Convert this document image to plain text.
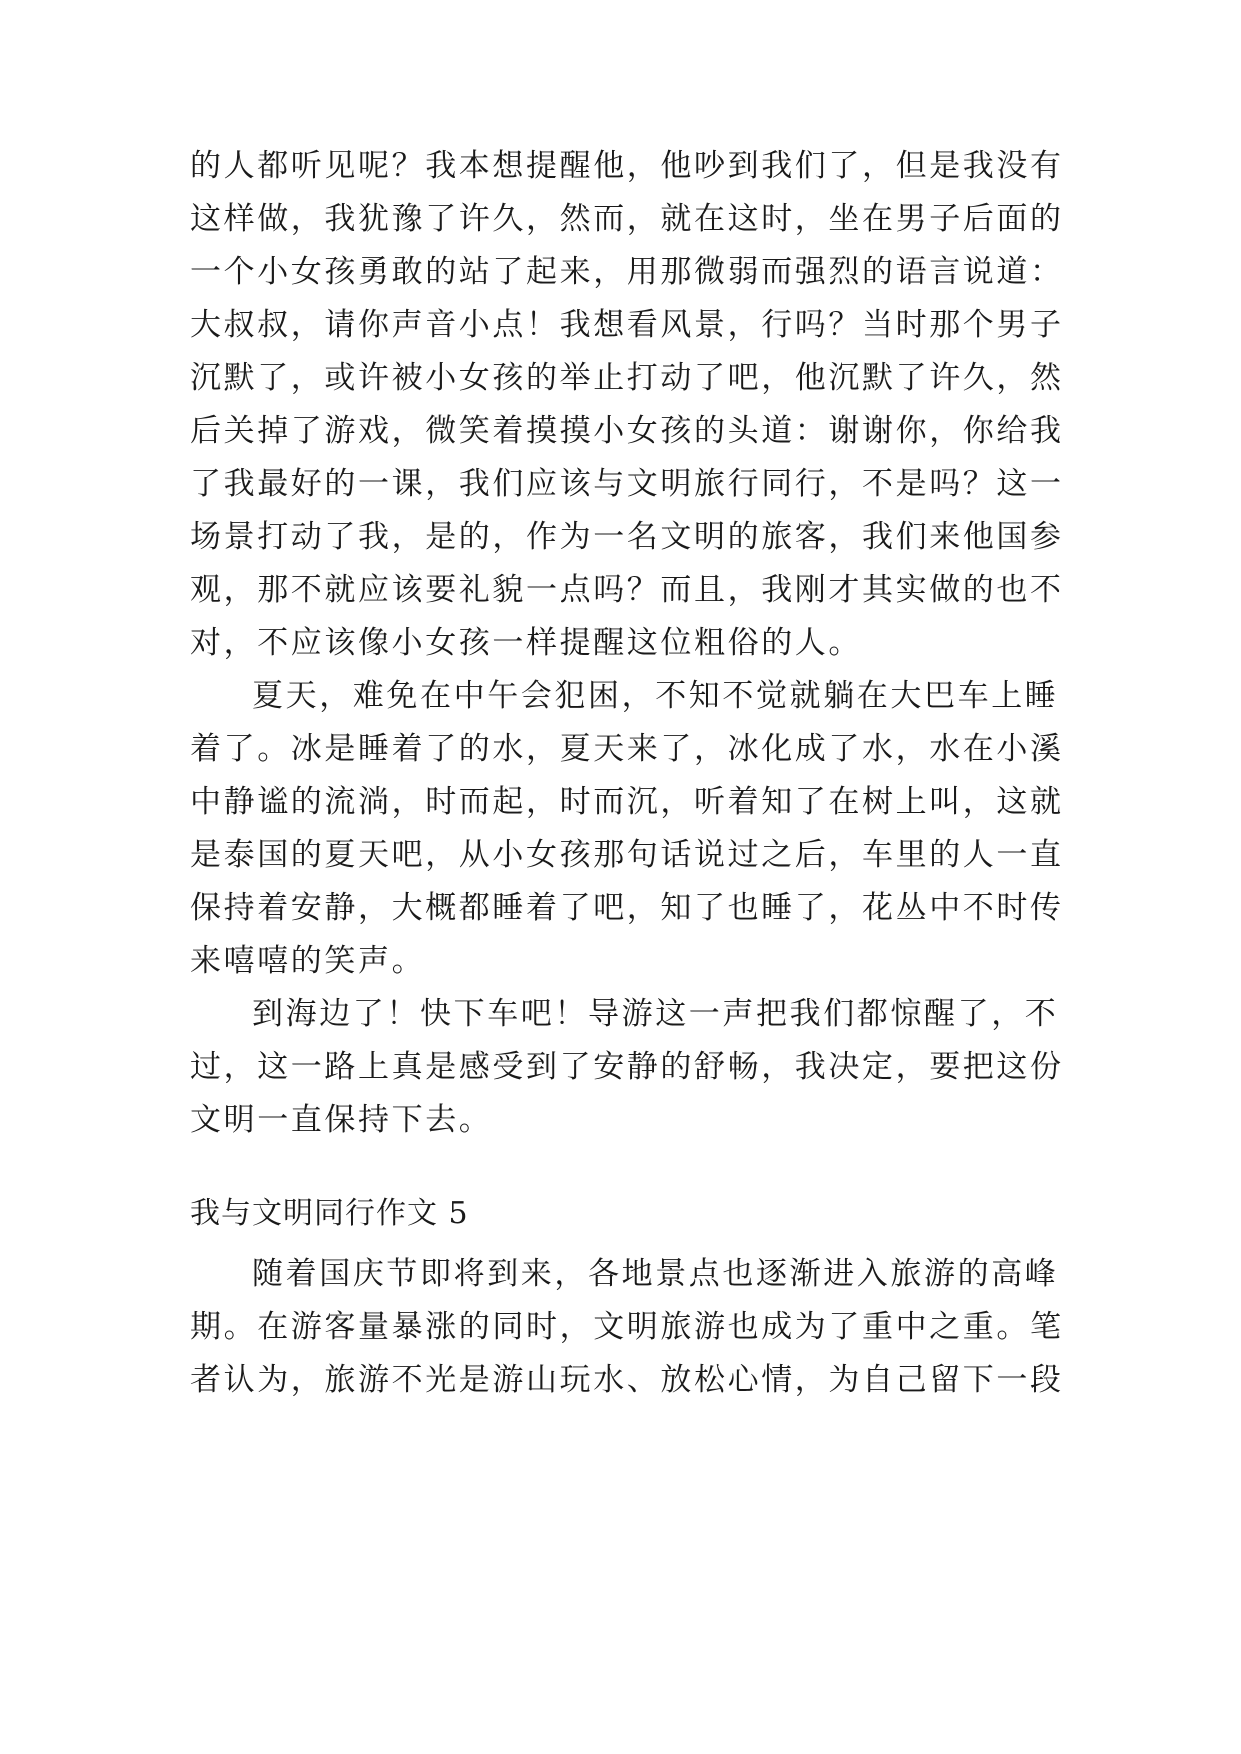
的人都听见呢？我本想提醒他，他吵到我们了，但是我没有
这样做，我犹豫了许久，然而，就在这时，坐在男子后面的
一个小女孩勇敢的站了起来，用那微弱而强烈的语言说道：
大叔叔，请你声音小点！我想看风景，行吗？当时那个男子
沉默了，或许被小女孩的举止打动了吧，他沉默了许久，然
后关掉了游戏，微笑着摸摸小女孩的头道：谢谢你，你给我
了我最好的一课，我们应该与文明旅行同行，不是吗？这一
场景打动了我，是的，作为一名文明的旅客，我们来他国参
观，那不就应该要礼貌一点吗？而且，我刚才其实做的也不
对，不应该像小女孩一样提醒这位粗俗的人。
夏天，难免在中午会犯困，不知不觉就躺在大巴车上睡
着了。冰是睡着了的水，夏天来了，冰化成了水，水在小溪
中静谧的流淌，时而起，时而沉，听着知了在树上叫，这就
是泰国的夏天吧，从小女孩那句话说过之后，车里的人一直
保持着安静，大概都睡着了吧，知了也睡了，花丛中不时传
来嘻嘻的笑声。
到海边了！快下车吧！导游这一声把我们都惊醒了，不
过，这一路上真是感受到了安静的舒畅，我决定，要把这份
文明一直保持下去。
我与文明同行作文 5
随着国庆节即将到来，各地景点也逐渐进入旅游的高峰
期。在游客量暴涨的同时，文明旅游也成为了重中之重。笔
者认为，旅游不光是游山玩水、放松心情，为自己留下一段
